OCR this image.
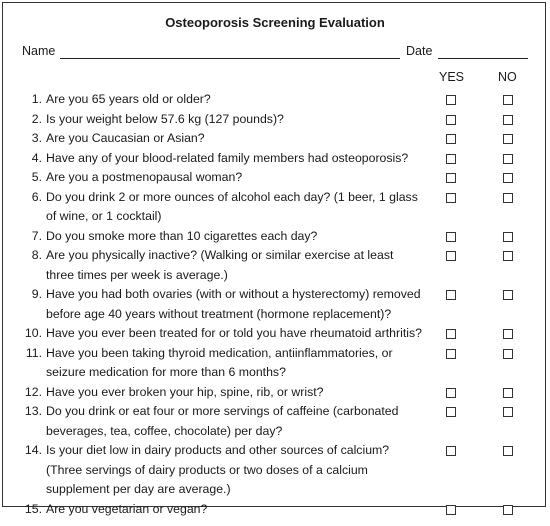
Osteoporosis Screening Evaluation
Name	Date
YES	NO
1. Are you 65 years old or older?
2. Is your weight below 57.6 kg (127 pounds)?
3. Are you Caucasian or Asian?
4. Have any of your blood-related family members had osteoporosis?
5. Are you a postmenopausal woman?
6. Do you drink 2 or more ounces of alcohol each day? (1 beer, 1 glass
of wine, or 1 cocktail)
7. Do you smoke more than 10 cigarettes each day?
8. Are you physically inactive? (Walking or similar exercise at least
three times per week is average.)
9. Have you had both ovaries (with or without a hysterectomy) removed
before age 40 years without treatment (hormone replacement)?
10. Have you ever been treated for or told you have rheumatoid arthritis?
11. Have you been taking thyroid medication, antiinflammatories, or
seizure medication for more than 6 months?
12. Have you ever broken your hip, spine, rib, or wrist?
13. Do you drink or eat four or more servings of caffeine (carbonated
beverages, tea, coffee, chocolate) per day?
14. Is your diet low in dairy products and other sources of calcium?
(Three servings of dairy products or two doses of a calcium
supplement per day are average.)
15. Are you vegetarian or vegan?
